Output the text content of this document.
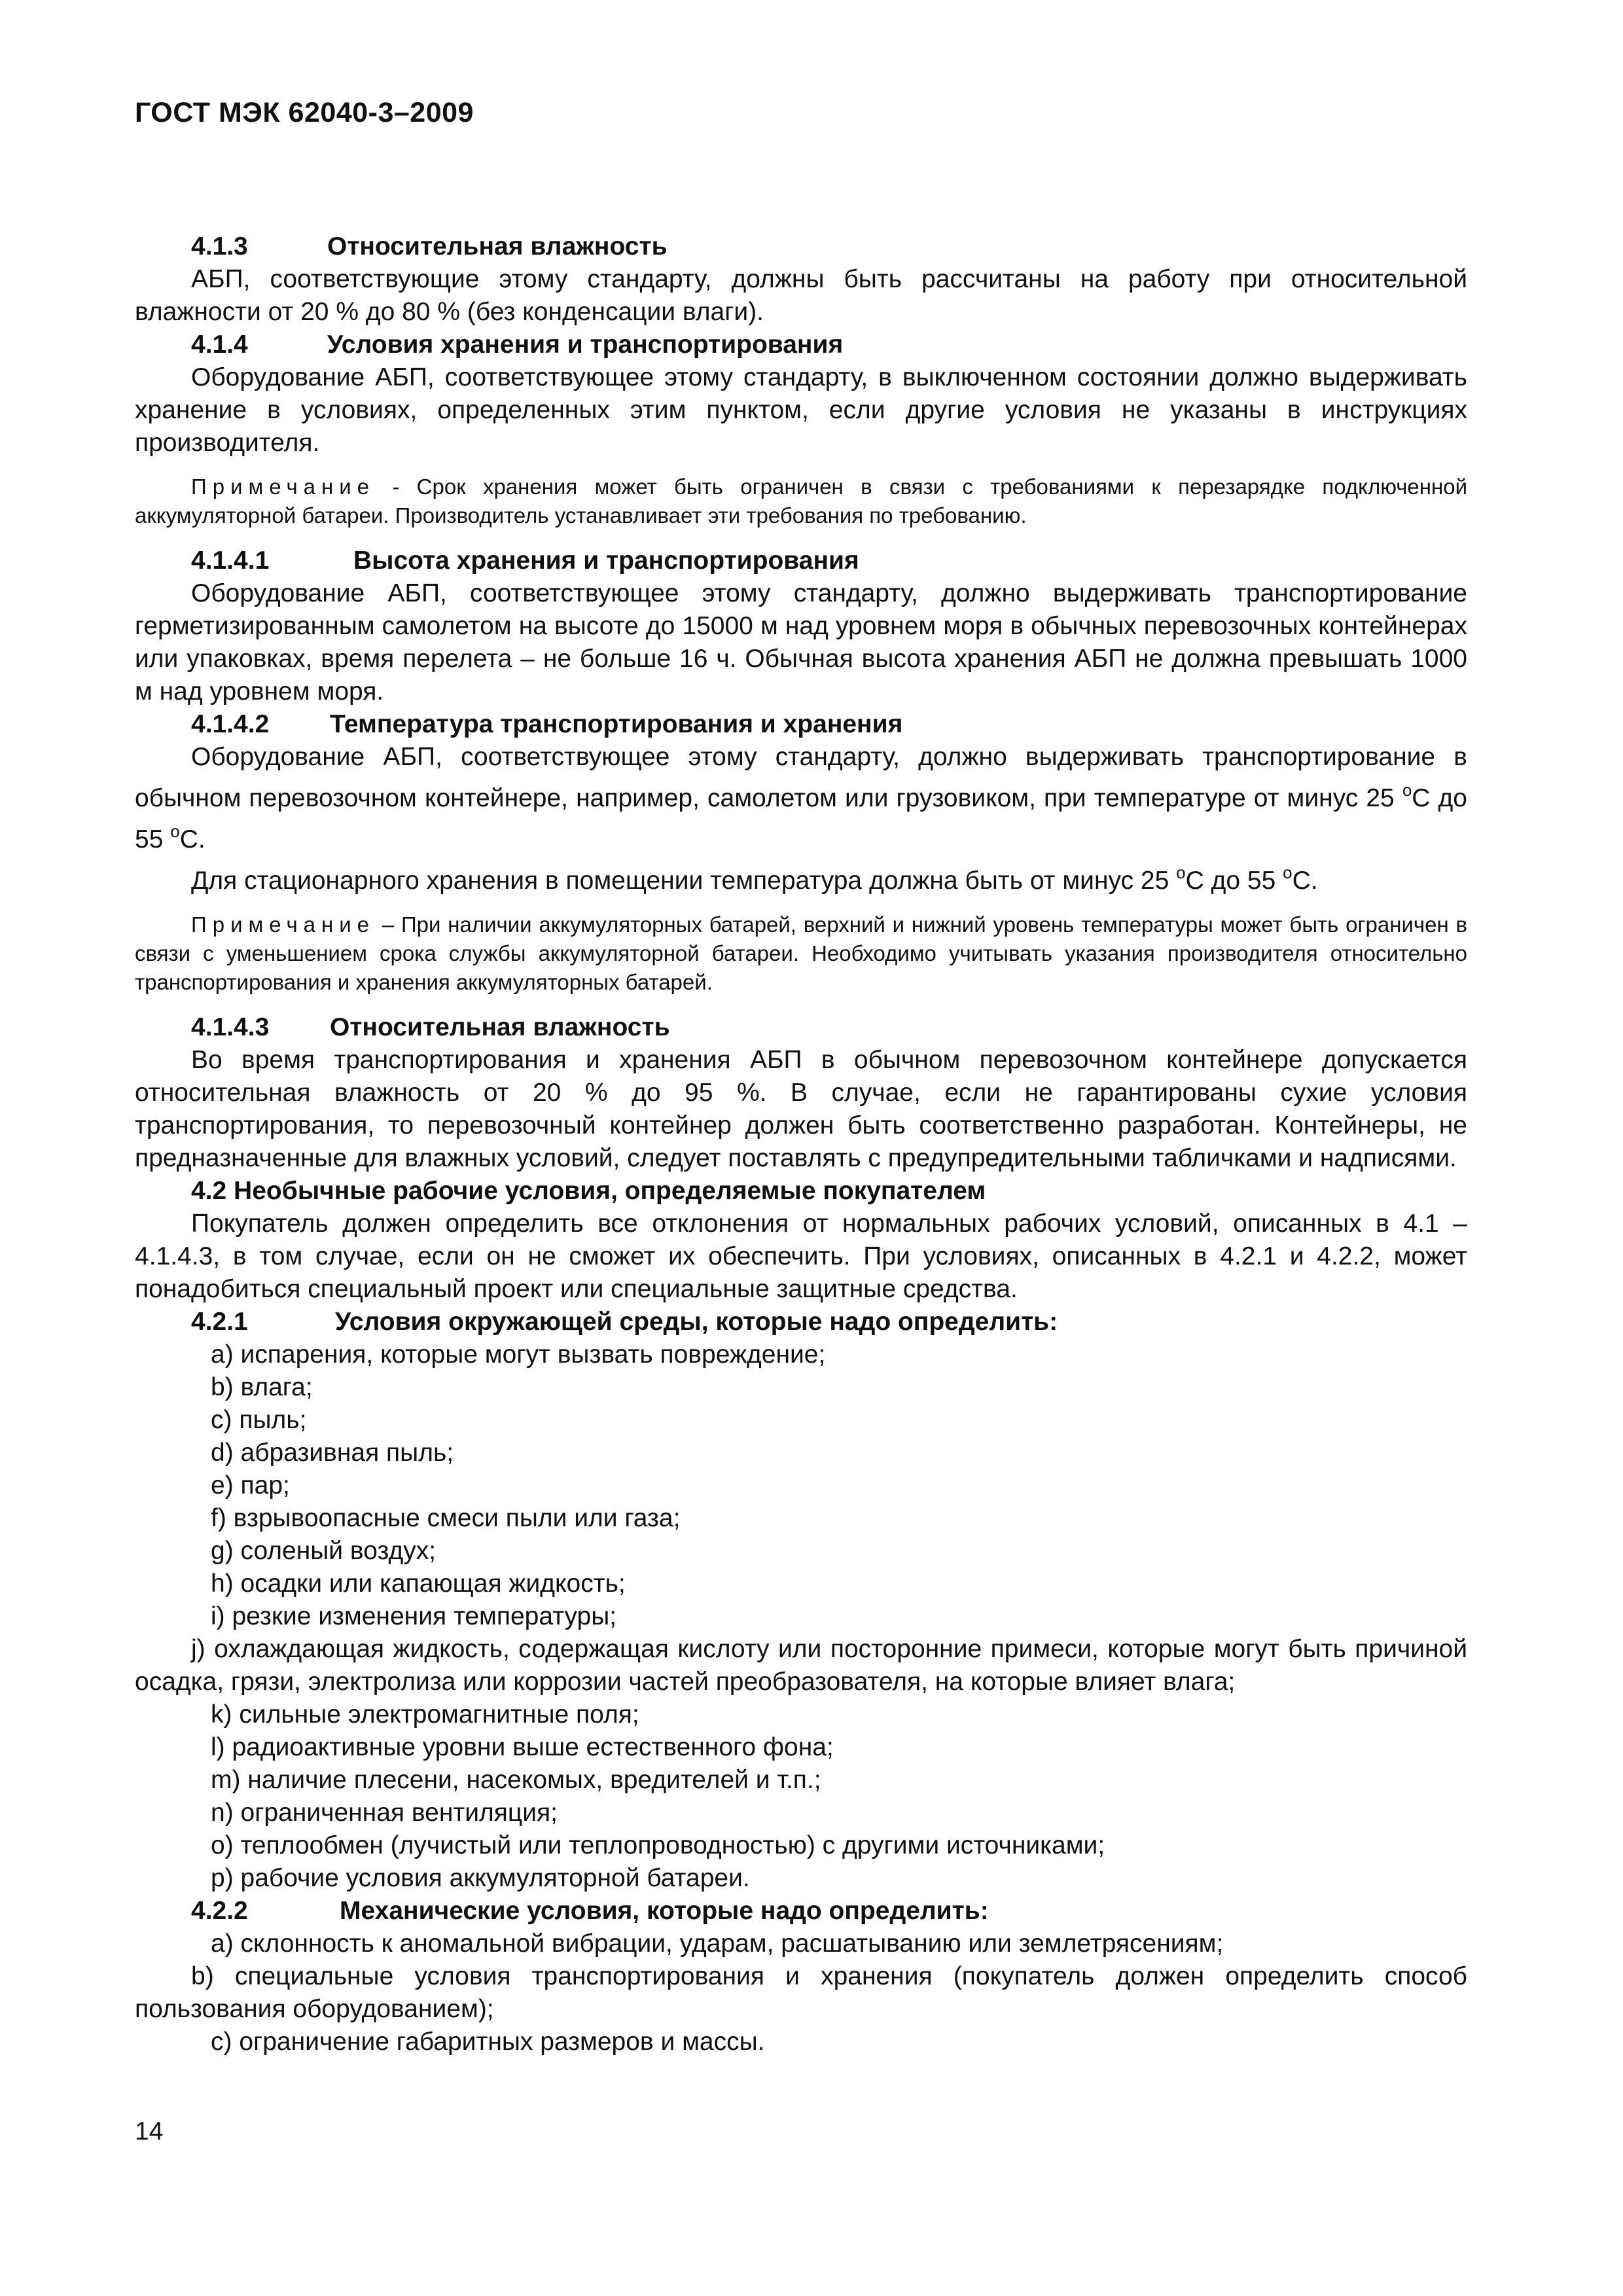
ГОСТ МЭК 62040-3–2009

4.1.3	Относительная влажность

АБП, соответствующие этому стандарту, должны быть рассчитаны на работу при относительной влажности от 20 % до 80 % (без конденсации влаги).

4.1.4	Условия хранения и транспортирования

Оборудование АБП, соответствующее этому стандарту, в выключенном состоянии должно выдерживать хранение в условиях, определенных этим пунктом, если другие условия не указаны в инструкциях производителя.

Примечание - Срок хранения может быть ограничен в связи с требованиями к перезарядке подключенной аккумуляторной батареи. Производитель устанавливает эти требования по требованию.

4.1.4.1	Высота хранения и транспортирования

Оборудование АБП, соответствующее этому стандарту, должно выдерживать транспортирование герметизированным самолетом на высоте до 15000 м над уровнем моря в обычных перевозочных контейнерах или упаковках, время перелета – не больше 16 ч. Обычная высота хранения АБП не должна превышать 1000 м над уровнем моря.

4.1.4.2 Температура транспортирования и хранения

Оборудование АБП, соответствующее этому стандарту, должно выдерживать транспортирование в обычном перевозочном контейнере, например, самолетом или грузовиком, при температуре от минус 25 $^o$С до 55 $^o$С.

Для стационарного хранения в помещении температура должна быть от минус 25 $^o$С до 55 $^o$С.

Примечание – При наличии аккумуляторных батарей, верхний и нижний уровень температуры может быть ограничен в связи с уменьшением срока службы аккумуляторной батареи. Необходимо учитывать указания производителя относительно транспортирования и хранения аккумуляторных батарей.

4.1.4.3 Относительная влажность

Во время транспортирования и хранения АБП в обычном перевозочном контейнере допускается относительная влажность от 20 % до 95 %. В случае, если не гарантированы сухие условия транспортирования, то перевозочный контейнер должен быть соответственно разработан. Контейнеры, не предназначенные для влажных условий, следует поставлять с предупредительными табличками и надписями.

4.2 Необычные рабочие условия, определяемые покупателем

Покупатель должен определить все отклонения от нормальных рабочих условий, описанных в 4.1 – 4.1.4.3, в том случае, если он не сможет их обеспечить. При условиях, описанных в 4.2.1 и 4.2.2, может понадобиться специальный проект или специальные защитные средства.

4.2.1	Условия окружающей среды, которые надо определить:

a) испарения, которые могут вызвать повреждение;

b) влага;

c) пыль;

d) абразивная пыль;

e) пар;

f) взрывоопасные смеси пыли или газа;

g) соленый воздух;

h) осадки или капающая жидкость;

i) резкие изменения температуры;

j) охлаждающая жидкость, содержащая кислоту или посторонние примеси, которые могут быть причиной осадка, грязи, электролиза или коррозии частей преобразователя, на которые влияет влага;

k) сильные электромагнитные поля;

l) радиоактивные уровни выше естественного фона;

m) наличие плесени, насекомых, вредителей и т.п.;

n) ограниченная вентиляция;

o) теплообмен (лучистый или теплопроводностью) с другими источниками;

p) рабочие условия аккумуляторной батареи.

4.2.2	Механические условия, которые надо определить:

a) склонность к аномальной вибрации, ударам, расшатыванию или землетрясениям;

b) специальные условия транспортирования и хранения (покупатель должен определить способ пользования оборудованием);

c) ограничение габаритных размеров и массы.

14
